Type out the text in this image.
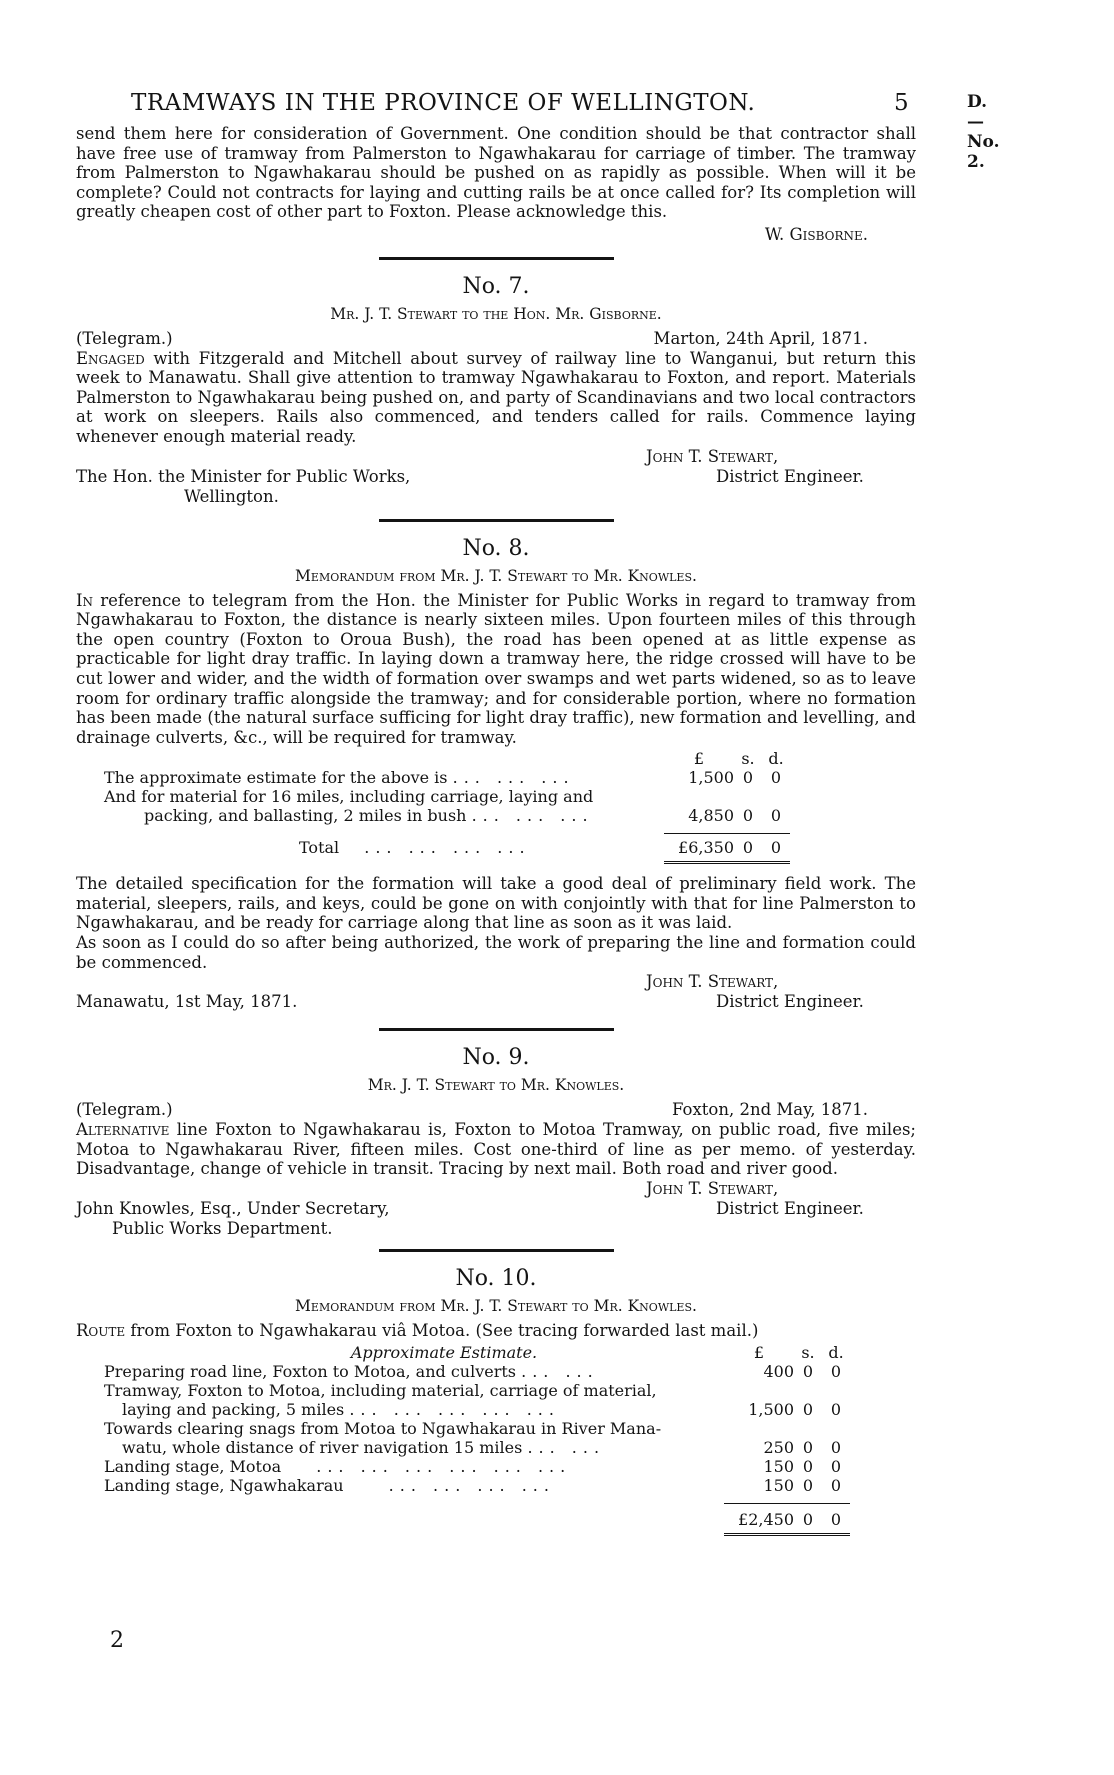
TRAMWAYS IN THE PROVINCE OF WELLINGTON.	5	D.—No. 2.

send them here for consideration of Government. One condition should be that contractor shall have free use of tramway from Palmerston to Ngawhakarau for carriage of timber. The tramway from Palmerston to Ngawhakarau should be pushed on as rapidly as possible. When will it be complete? Could not contracts for laying and cutting rails be at once called for? Its completion will greatly cheapen cost of other part to Foxton. Please acknowledge this.

W. Gisborne.
No. 7.
Mr. J. T. Stewart to the Hon. Mr. Gisborne.
(Telegram.)	Marton, 24th April, 1871.

Engaged with Fitzgerald and Mitchell about survey of railway line to Wanganui, but return this week to Manawatu. Shall give attention to tramway Ngawhakarau to Foxton, and report. Materials Palmerston to Ngawhakarau being pushed on, and party of Scandinavians and two local contractors at work on sleepers. Rails also commenced, and tenders called for rails. Commence laying whenever enough material ready.

John T. Stewart,
The Hon. the Minister for Public Works,	District Engineer.
Wellington.
No. 8.
Memorandum from Mr. J. T. Stewart to Mr. Knowles.

In reference to telegram from the Hon. the Minister for Public Works in regard to tramway from Ngawhakarau to Foxton, the distance is nearly sixteen miles. Upon fourteen miles of this through the open country (Foxton to Oroua Bush), the road has been opened at as little expense as practicable for light dray traffic. In laying down a tramway here, the ridge crossed will have to be cut lower and wider, and the width of formation over swamps and wet parts widened, so as to leave room for ordinary traffic alongside the tramway; and for considerable portion, where no formation has been made (the natural surface sufficing for light dray traffic), new formation and levelling, and drainage culverts, &c., will be required for tramway.

	£	s.	d.
The approximate estimate for the above is ... ... ...	1,500	0	0
And for material for 16 miles, including carriage, laying and
packing, and ballasting, 2 miles in bush ... ... ...	4,850	0	0

Total ... ... ... ...	£6,350	0	0

The detailed specification for the formation will take a good deal of preliminary field work. The material, sleepers, rails, and keys, could be gone on with conjointly with that for line Palmerston to Ngawhakarau, and be ready for carriage along that line as soon as it was laid.

As soon as I could do so after being authorized, the work of preparing the line and formation could be commenced.

John T. Stewart,
Manawatu, 1st May, 1871.	District Engineer.
No. 9.
Mr. J. T. Stewart to Mr. Knowles.
(Telegram.)	Foxton, 2nd May, 1871.

Alternative line Foxton to Ngawhakarau is, Foxton to Motoa Tramway, on public road, five miles; Motoa to Ngawhakarau River, fifteen miles. Cost one-third of line as per memo. of yesterday. Disadvantage, change of vehicle in transit. Tracing by next mail. Both road and river good.

John T. Stewart,
John Knowles, Esq., Under Secretary,	District Engineer.
Public Works Department.
No. 10.
Memorandum from Mr. J. T. Stewart to Mr. Knowles.

Route from Foxton to Ngawhakarau viâ Motoa. (See tracing forwarded last mail.)

Approximate Estimate.	£	s.	d.
Preparing road line, Foxton to Motoa, and culverts ... ...	400	0	0
Tramway, Foxton to Motoa, including material, carriage of material,
laying and packing, 5 miles ... ... ... ... ...	1,500	0	0
Towards clearing snags from Motoa to Ngawhakarau in River Mana-
watu, whole distance of river navigation 15 miles ... ...	250	0	0
Landing stage, Motoa ... ... ... ... ... ...	150	0	0
Landing stage, Ngawhakarau ... ... ... ...	150	0	0

	£2,450	0	0

2
